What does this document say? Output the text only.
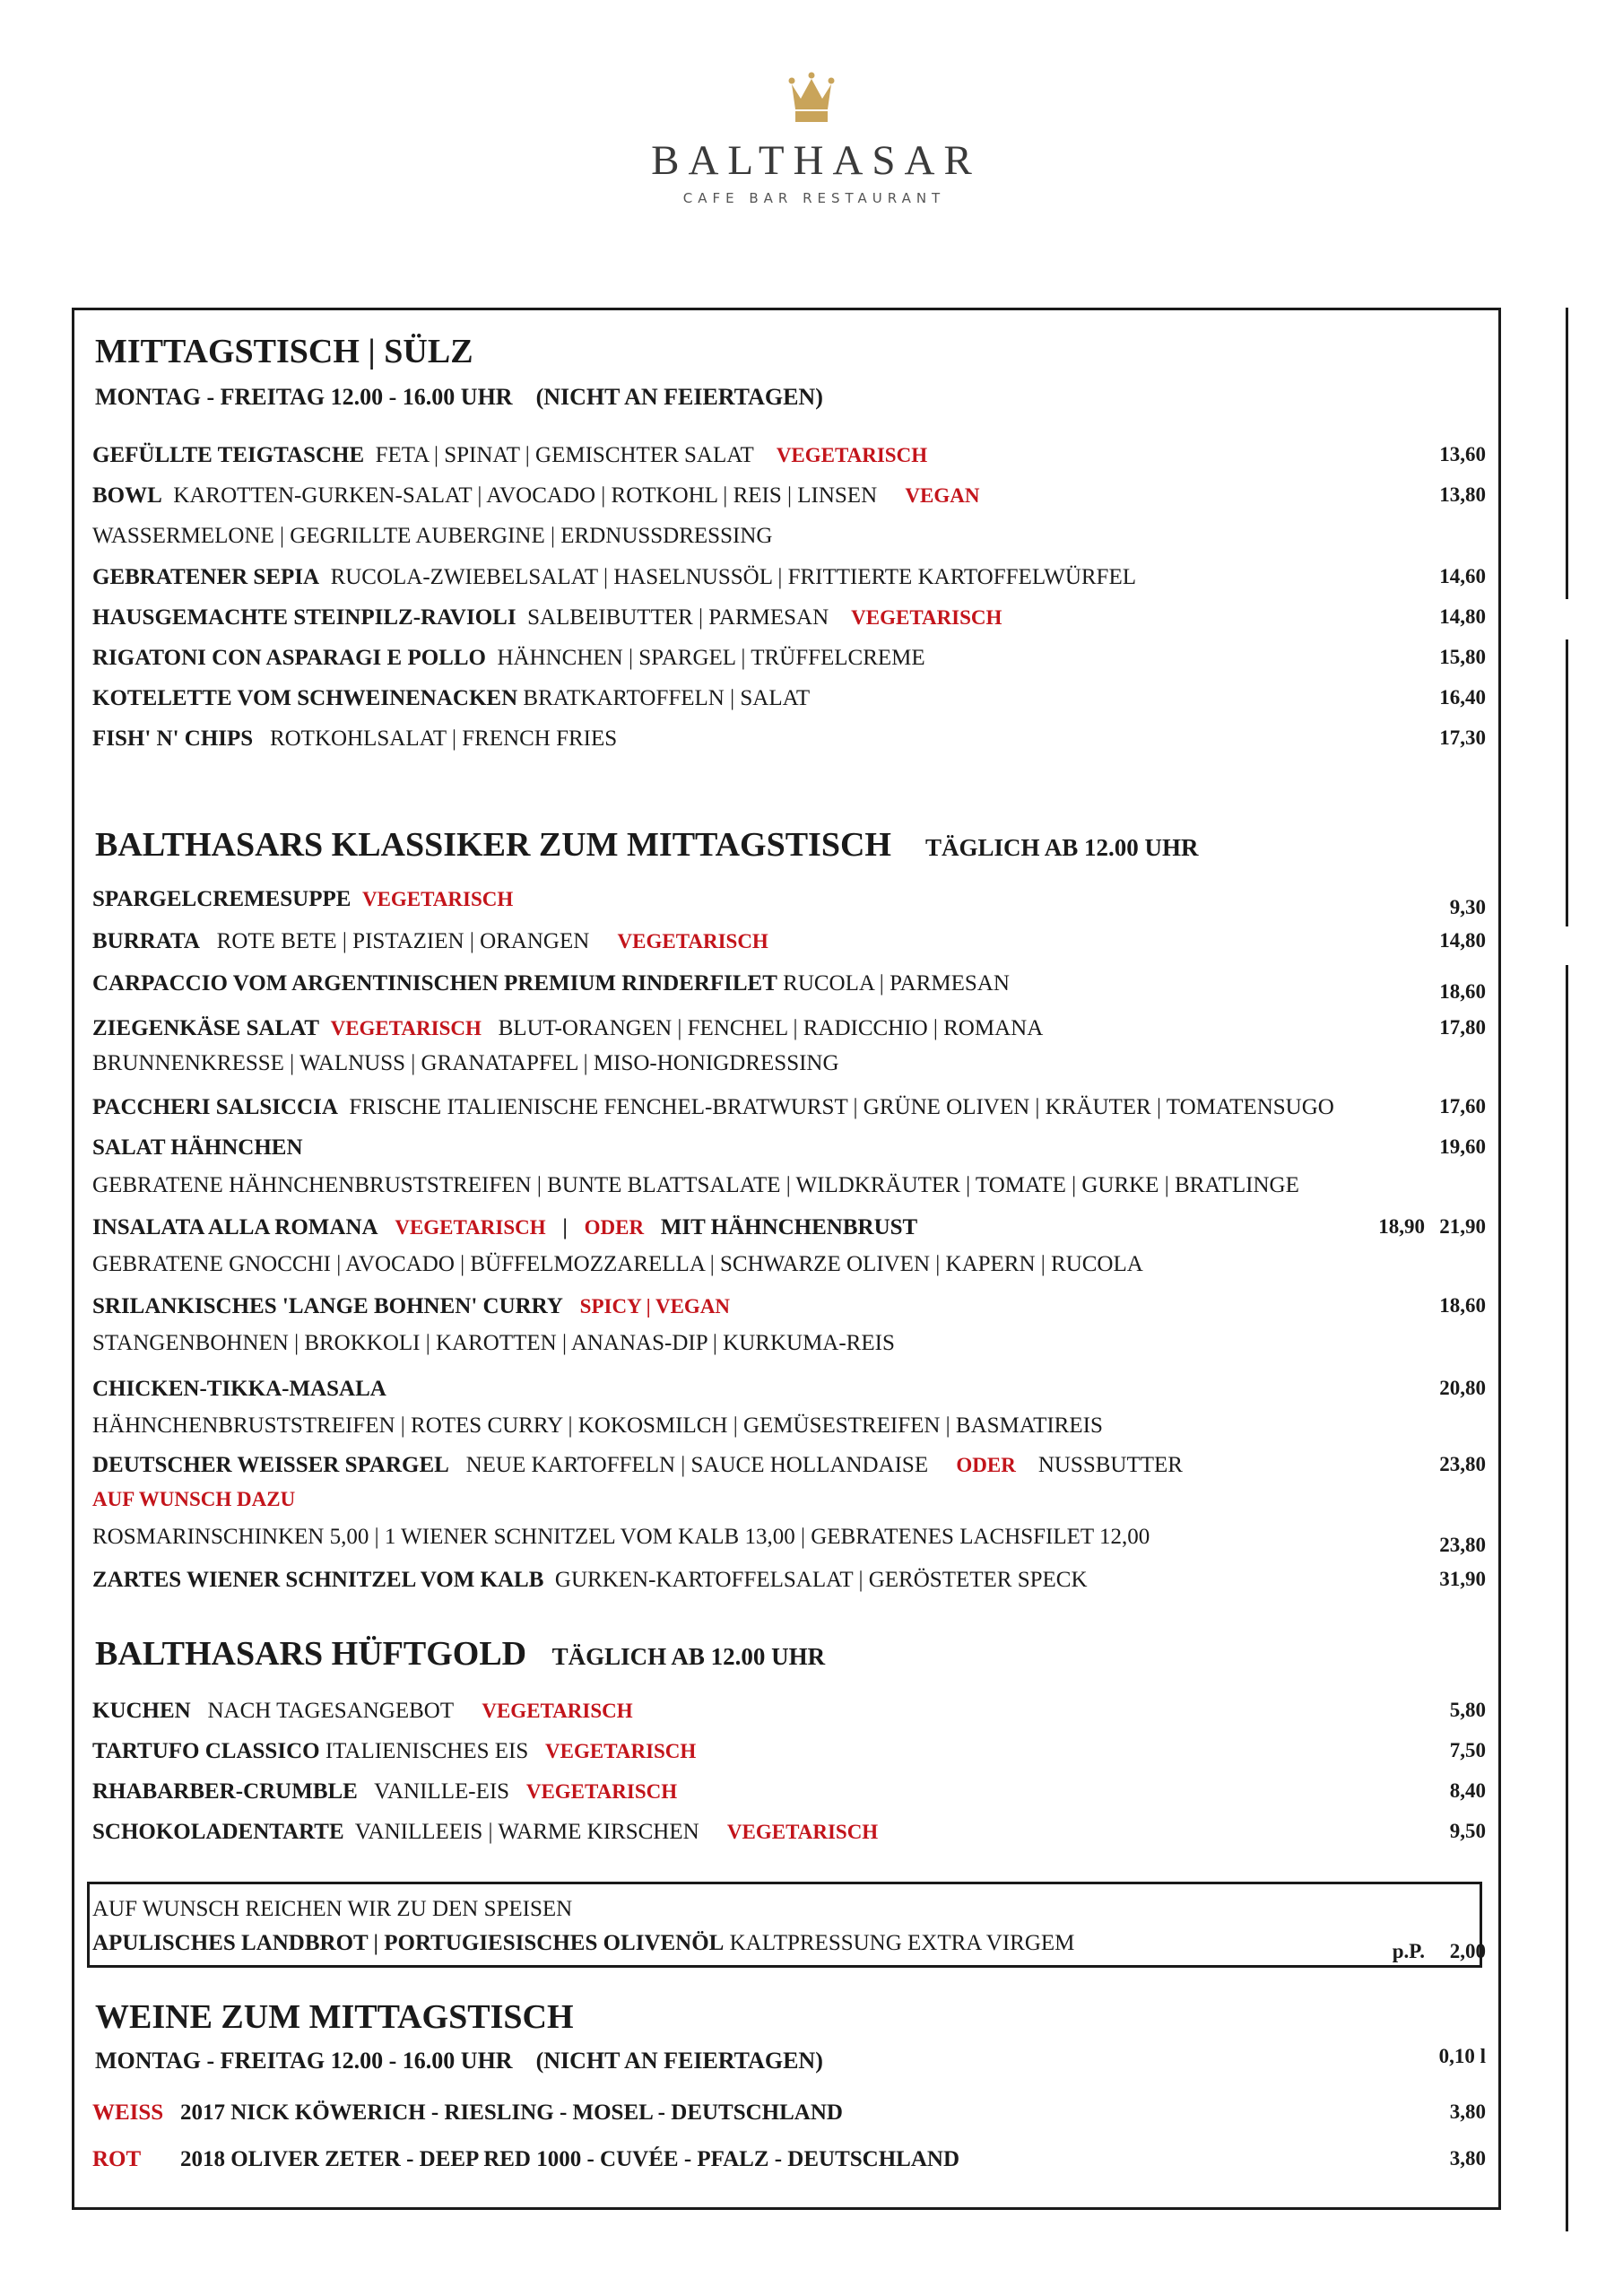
BALTHASAR
CAFE BAR RESTAURANT
MITTAGSTISCH | SÜLZ
MONTAG - FREITAG 12.00 - 16.00 UHR (NICHT AN FEIERTAGEN)
GEFÜLLTE TEIGTASCHE FETA | SPINAT | GEMISCHTER SALAT VEGETARISCH	13,60
BOWL KAROTTEN-GURKEN-SALAT | AVOCADO | ROTKOHL | REIS | LINSEN VEGAN	13,80
WASSERMELONE | GEGRILLTE AUBERGINE | ERDNUSSDRESSING
GEBRATENER SEPIA RUCOLA-ZWIEBELSALAT | HASELNUSSÖL | FRITTIERTE KARTOFFELWÜRFEL	14,60
HAUSGEMACHTE STEINPILZ-RAVIOLI SALBEIBUTTER | PARMESAN VEGETARISCH	14,80
RIGATONI CON ASPARAGI E POLLO HÄHNCHEN | SPARGEL | TRÜFFELCREME	15,80
KOTELETTE VOM SCHWEINENACKEN BRATKARTOFFELN | SALAT	16,40
FISH' N' CHIPS ROTKOHLSALAT | FRENCH FRIES	17,30
BALTHASARS KLASSIKER ZUM MITTAGSTISCH TÄGLICH AB 12.00 UHR
SPARGELCREMESUPPE VEGETARISCH	9,30
BURRATA ROTE BETE | PISTAZIEN | ORANGEN VEGETARISCH	14,80
CARPACCIO VOM ARGENTINISCHEN PREMIUM RINDERFILET RUCOLA | PARMESAN	18,60
ZIEGENKÄSE SALAT VEGETARISCH BLUT-ORANGEN | FENCHEL | RADICCHIO | ROMANA	17,80
BRUNNENKRESSE | WALNUSS | GRANATAPFEL | MISO-HONIGDRESSING
PACCHERI SALSICCIA FRISCHE ITALIENISCHE FENCHEL-BRATWURST | GRÜNE OLIVEN | KRÄUTER | TOMATENSUGO	17,60
SALAT HÄHNCHEN	19,60
GEBRATENE HÄHNCHENBRUSTSTREIFEN | BUNTE BLATTSALATE | WILDKRÄUTER | TOMATE | GURKE | BRATLINGE
INSALATA ALLA ROMANA VEGETARISCH | ODER MIT HÄHNCHENBRUST	18,90 21,90
GEBRATENE GNOCCHI | AVOCADO | BÜFFELMOZZARELLA | SCHWARZE OLIVEN | KAPERN | RUCOLA
SRILANKISCHES 'LANGE BOHNEN' CURRY SPICY | VEGAN	18,60
STANGENBOHNEN | BROKKOLI | KAROTTEN | ANANAS-DIP | KURKUMA-REIS
CHICKEN-TIKKA-MASALA	20,80
HÄHNCHENBRUSTSTREIFEN | ROTES CURRY | KOKOSMILCH | GEMÜSESTREIFEN | BASMATIREIS
DEUTSCHER WEISSER SPARGEL NEUE KARTOFFELN | SAUCE HOLLANDAISE ODER NUSSBUTTER	23,80
AUF WUNSCH DAZU
ROSMARINSCHINKEN 5,00 | 1 WIENER SCHNITZEL VOM KALB 13,00 | GEBRATENES LACHSFILET 12,00	23,80
ZARTES WIENER SCHNITZEL VOM KALB GURKEN-KARTOFFELSALAT | GERÖSTETER SPECK	31,90
BALTHASARS HÜFTGOLD TÄGLICH AB 12.00 UHR
KUCHEN NACH TAGESANGEBOT VEGETARISCH	5,80
TARTUFO CLASSICO ITALIENISCHES EIS VEGETARISCH	7,50
RHABARBER-CRUMBLE VANILLE-EIS VEGETARISCH	8,40
SCHOKOLADENTARTE VANILLEEIS | WARME KIRSCHEN VEGETARISCH	9,50
AUF WUNSCH REICHEN WIR ZU DEN SPEISEN
APULISCHES LANDBROT | PORTUGIESISCHES OLIVENÖL KALTPRESSUNG EXTRA VIRGEM	p.P. 2,00
WEINE ZUM MITTAGSTISCH
MONTAG - FREITAG 12.00 - 16.00 UHR (NICHT AN FEIERTAGEN)	0,10 l
WEISS 2017 NICK KÖWERICH - RIESLING - MOSEL - DEUTSCHLAND	3,80
ROT 2018 OLIVER ZETER - DEEP RED 1000 - CUVÉE - PFALZ - DEUTSCHLAND	3,80
